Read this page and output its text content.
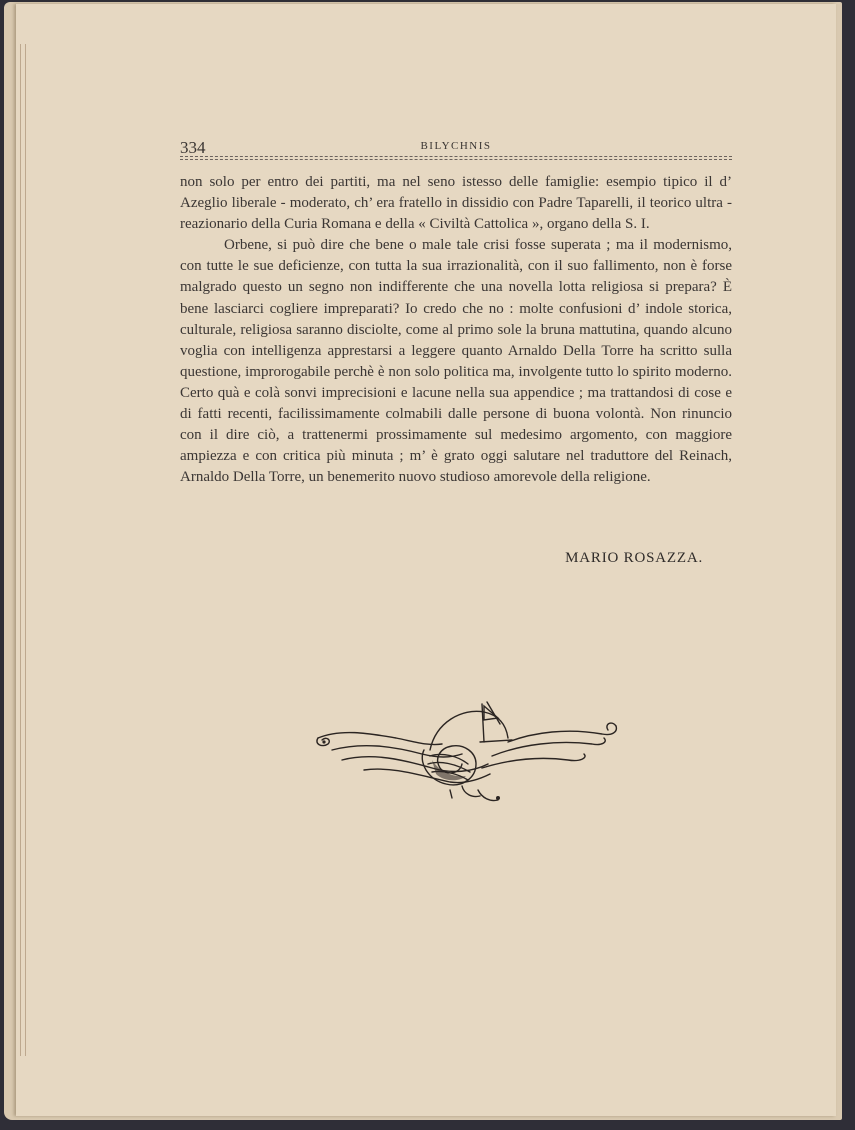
334	BILYCHNIS

non solo per entro dei partiti, ma nel seno istesso delle famiglie: esempio tipico il d’ Azeglio liberale - moderato, ch’ era fratello in dissidio con Padre Taparelli, il teorico ultra - reazionario della Curia Romana e della « Civiltà Cattolica », organo della S. I.

Orbene, si può dire che bene o male tale crisi fosse superata ; ma il modernismo, con tutte le sue deficienze, con tutta la sua irrazionalità, con il suo fallimento, non è forse malgrado questo un segno non indifferente che una novella lotta religiosa si prepara? È bene lasciarci cogliere impreparati? Io credo che no : molte confusioni d’ indole storica, culturale, religiosa saranno disciolte, come al primo sole la bruna mattutina, quando alcuno voglia con intelligenza apprestarsi a leggere quanto Arnaldo Della Torre ha scritto sulla questione, improrogabile perchè è non solo politica ma, involgente tutto lo spirito moderno. Certo quà e colà sonvi imprecisioni e lacune nella sua appendice ; ma trattandosi di cose e di fatti recenti, facilissimamente colmabili dalle persone di buona volontà. Non rinuncio con il dire ciò, a trattenermi prossimamente sul medesimo argomento, con maggiore ampiezza e con critica più minuta ; m’ è grato oggi salutare nel traduttore del Reinach, Arnaldo Della Torre, un benemerito nuovo studioso amorevole della religione.

MARIO ROSAZZA.
